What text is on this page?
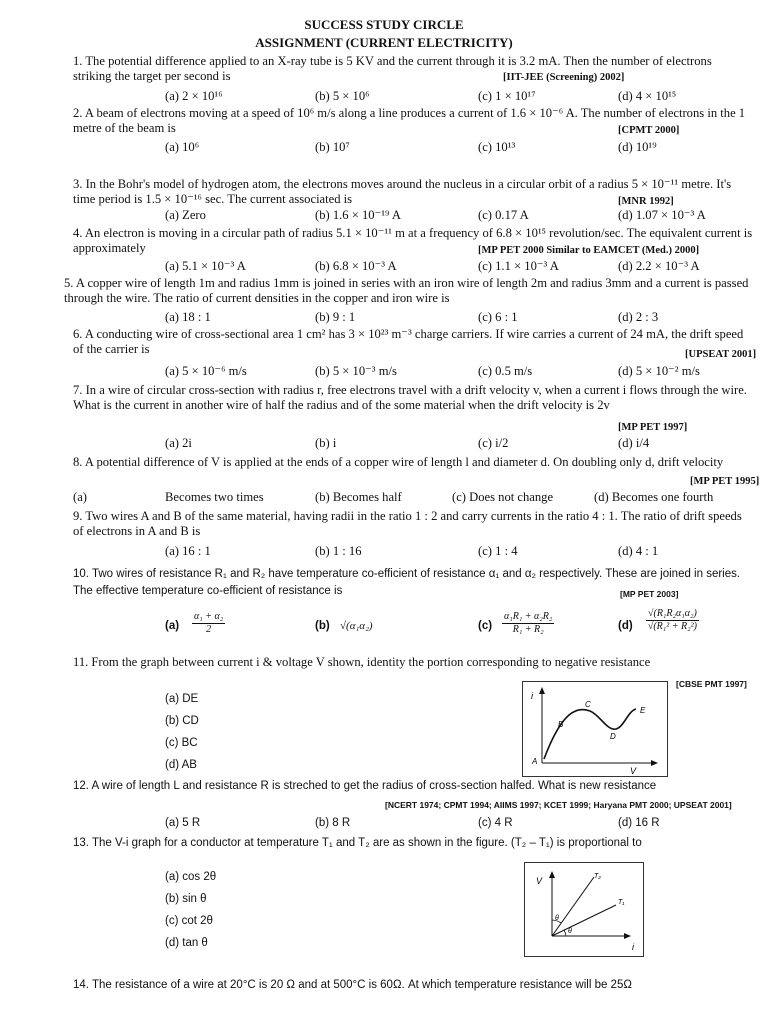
SUCCESS STUDY CIRCLE
ASSIGNMENT (CURRENT ELECTRICITY)
1. The potential difference applied to an X-ray tube is 5 KV and the current through it is 3.2 mA. Then the number of electrons striking the target per second is	[IIT-JEE (Screening) 2002]
(a) 2 × 10¹⁶	(b) 5 × 10⁶	(c) 1 × 10¹⁷	(d) 4 × 10¹⁵
2. A beam of electrons moving at a speed of 10⁶ m/s along a line produces a current of 1.6 × 10⁻⁶ A. The number of electrons in the 1 metre of the beam is	[CPMT 2000]
(a) 10⁶	(b) 10⁷	(c) 10¹³	(d) 10¹⁹
3. In the Bohr's model of hydrogen atom, the electrons moves around the nucleus in a circular orbit of a radius 5 × 10⁻¹¹ metre. It's time period is 1.5 × 10⁻¹⁶ sec. The current associated is	[MNR 1992]
(a) Zero	(b) 1.6 × 10⁻¹⁹ A	(c) 0.17 A	(d) 1.07 × 10⁻³ A
4. An electron is moving in a circular path of radius 5.1 × 10⁻¹¹ m at a frequency of 6.8 × 10¹⁵ revolution/sec. The equivalent current is approximately	[MP PET 2000 Similar to EAMCET (Med.) 2000]
(a) 5.1 × 10⁻³ A	(b) 6.8 × 10⁻³ A	(c) 1.1 × 10⁻³ A	(d) 2.2 × 10⁻³ A
5. A copper wire of length 1m and radius 1mm is joined in series with an iron wire of length 2m and radius 3mm and a current is passed through the wire. The ratio of current densities in the copper and iron wire is
(a) 18 : 1	(b) 9 : 1	(c) 6 : 1	(d) 2 : 3
6. A conducting wire of cross-sectional area 1 cm² has 3 × 10²³ m⁻³ charge carriers. If wire carries a current of 24 mA, the drift speed of the carrier is	[UPSEAT 2001]
(a) 5 × 10⁻⁶ m/s	(b) 5 × 10⁻³ m/s	(c) 0.5 m/s	(d) 5 × 10⁻² m/s
7. In a wire of circular cross-section with radius r, free electrons travel with a drift velocity v, when a current i flows through the wire. What is the current in another wire of half the radius and of the some material when the drift velocity is 2v
[MP PET 1997]
(a) 2i	(b) i	(c) i/2	(d) i/4
8. A potential difference of V is applied at the ends of a copper wire of length l and diameter d. On doubling only d, drift velocity
[MP PET 1995]
(a)	Becomes two times	(b) Becomes half	(c) Does not change	(d) Becomes one fourth
9. Two wires A and B of the same material, having radii in the ratio 1 : 2 and carry currents in the ratio 4 : 1. The ratio of drift speeds of electrons in A and B is
(a) 16 : 1	(b) 1 : 16	(c) 1 : 4	(d) 4 : 1
10. Two wires of resistance R₁ and R₂ have temperature co-efficient of resistance α₁ and α₂ respectively. These are joined in series. The effective temperature co-efficient of resistance is	[MP PET 2003]
$(a) \frac{\text{α₁ + α₂}}{2}$	(b) √(α₁α₂)	$(c) \frac{\text{α₁R₁ + α₂R₂}}{\text{R₁ + R₂}}$	$(d) \frac{\text{√(R₁R₂α₁α₂)}}{\text{√(R₁² + R₂²)}}$
11. From the graph between current i & voltage V shown, identity the portion corresponding to negative resistance
[CBSE PMT 1997]
(a) DE
(b) CD
(c) BC
(d) AB
i
V
A
B
C
D
E
12. A wire of length L and resistance R is streched to get the radius of cross-section halfed. What is new resistance
[NCERT 1974; CPMT 1994; AIIMS 1997; KCET 1999; Haryana PMT 2000; UPSEAT 2001]
(a) 5 R	(b) 8 R	(c) 4 R	(d) 16 R
13. The V-i graph for a conductor at temperature T₁ and T₂ are as shown in the figure. (T₂ – T₁) is proportional to
(a) cos 2θ
(b) sin θ
(c) cot 2θ
(d) tan θ
V
i
T₂
T₁
θ
θ
14. The resistance of a wire at 20°C is 20 Ω and at 500°C is 60Ω. At which temperature resistance will be 25Ω
